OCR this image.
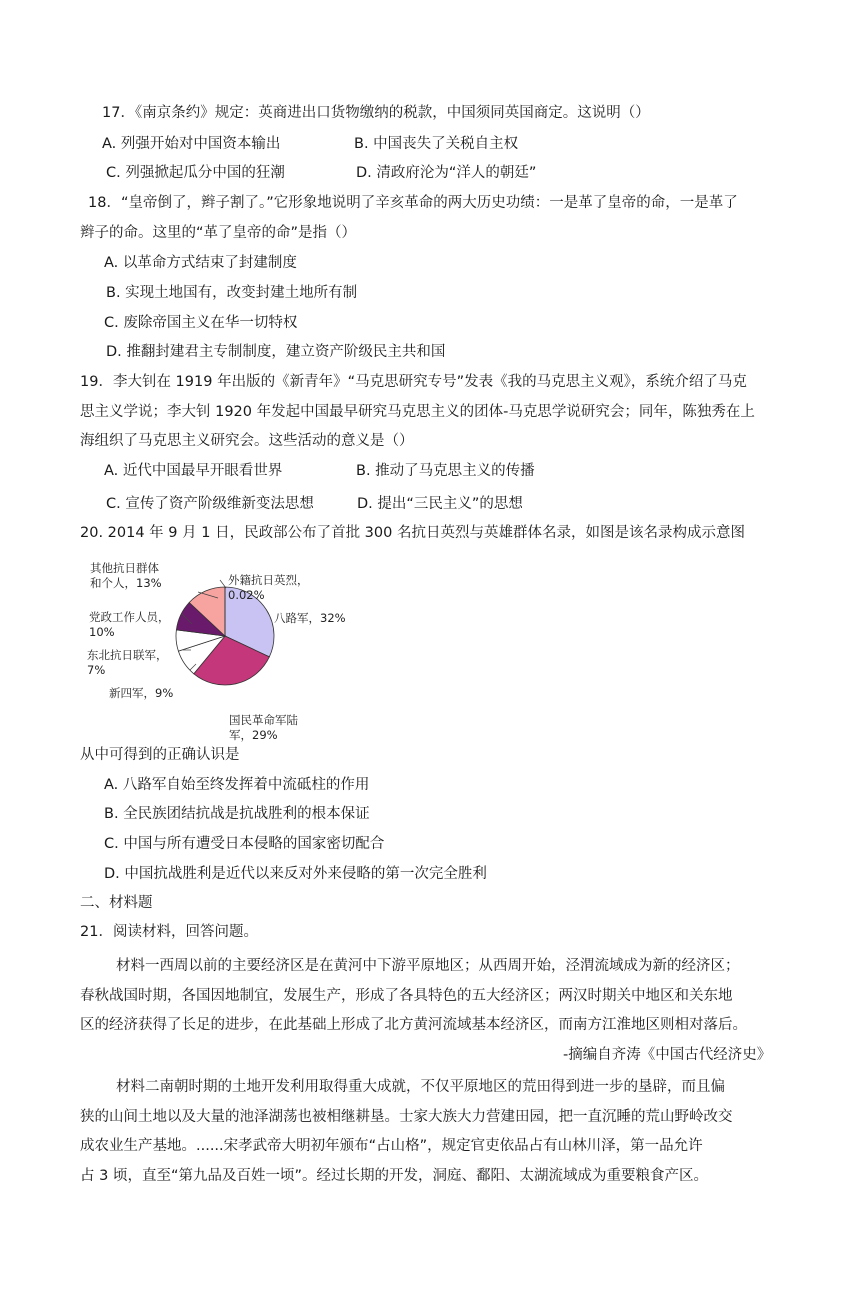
17．《南京条约》规定：英商进出口货物缴纳的税款，中国须同英国商定。这说明（）
A. 列强开始对中国资本输出	B. 中国丧失了关税自主权
C. 列强掀起瓜分中国的狂潮	D. 清政府沦为“洋人的朝廷”
18．“皇帝倒了，辫子割了。”它形象地说明了辛亥革命的两大历史功绩：一是革了皇帝的命，一是革了
辫子的命。这里的“革了皇帝的命”是指（）
A. 以革命方式结束了封建制度
B. 实现土地国有，改变封建土地所有制
C. 废除帝国主义在华一切特权
D. 推翻封建君主专制制度，建立资产阶级民主共和国
19．李大钊在 1919 年出版的《新青年》“马克思研究专号”发表《我的马克思主义观》，系统介绍了马克
思主义学说；李大钊 1920 年发起中国最早研究马克思主义的团体-马克思学说研究会；同年，陈独秀在上
海组织了马克思主义研究会。这些活动的意义是（）
A. 近代中国最早开眼看世界	B. 推动了马克思主义的传播
C. 宣传了资产阶级维新变法思想	D. 提出“三民主义”的思想
20. 2014 年 9 月 1 日，民政部公布了首批 300 名抗日英烈与英雄群体名录，如图是该名录构成示意图
八路军，32%
国民革命军陆
军，29%
新四军，9%
东北抗日联军，
7%
党政工作人员，
10%
其他抗日群体
和个人，13%	外籍抗日英烈，
0.02%
从中可得到的正确认识是
A. 八路军自始至终发挥着中流砥柱的作用
B. 全民族团结抗战是抗战胜利的根本保证
C. 中国与所有遭受日本侵略的国家密切配合
D. 中国抗战胜利是近代以来反对外来侵略的第一次完全胜利
二、材料题
21．阅读材料，回答问题。
材料一西周以前的主要经济区是在黄河中下游平原地区；从西周开始，泾渭流域成为新的经济区；
春秋战国时期，各国因地制宜，发展生产，形成了各具特色的五大经济区；两汉时期关中地区和关东地
区的经济获得了长足的进步，在此基础上形成了北方黄河流域基本经济区，而南方江淮地区则相对落后。
-摘编自齐涛《中国古代经济史》
材料二南朝时期的土地开发利用取得重大成就，不仅平原地区的荒田得到进一步的垦辟，而且偏
狭的山间土地以及大量的池泽湖荡也被相继耕垦。士家大族大力营建田园，把一直沉睡的荒山野岭改交
成农业生产基地。......宋孝武帝大明初年颁布“占山格”，规定官吏依品占有山林川泽，第一品允许
占 3 顷，直至“第九品及百姓一顷”。经过长期的开发，洞庭、鄱阳、太湖流域成为重要粮食产区。
